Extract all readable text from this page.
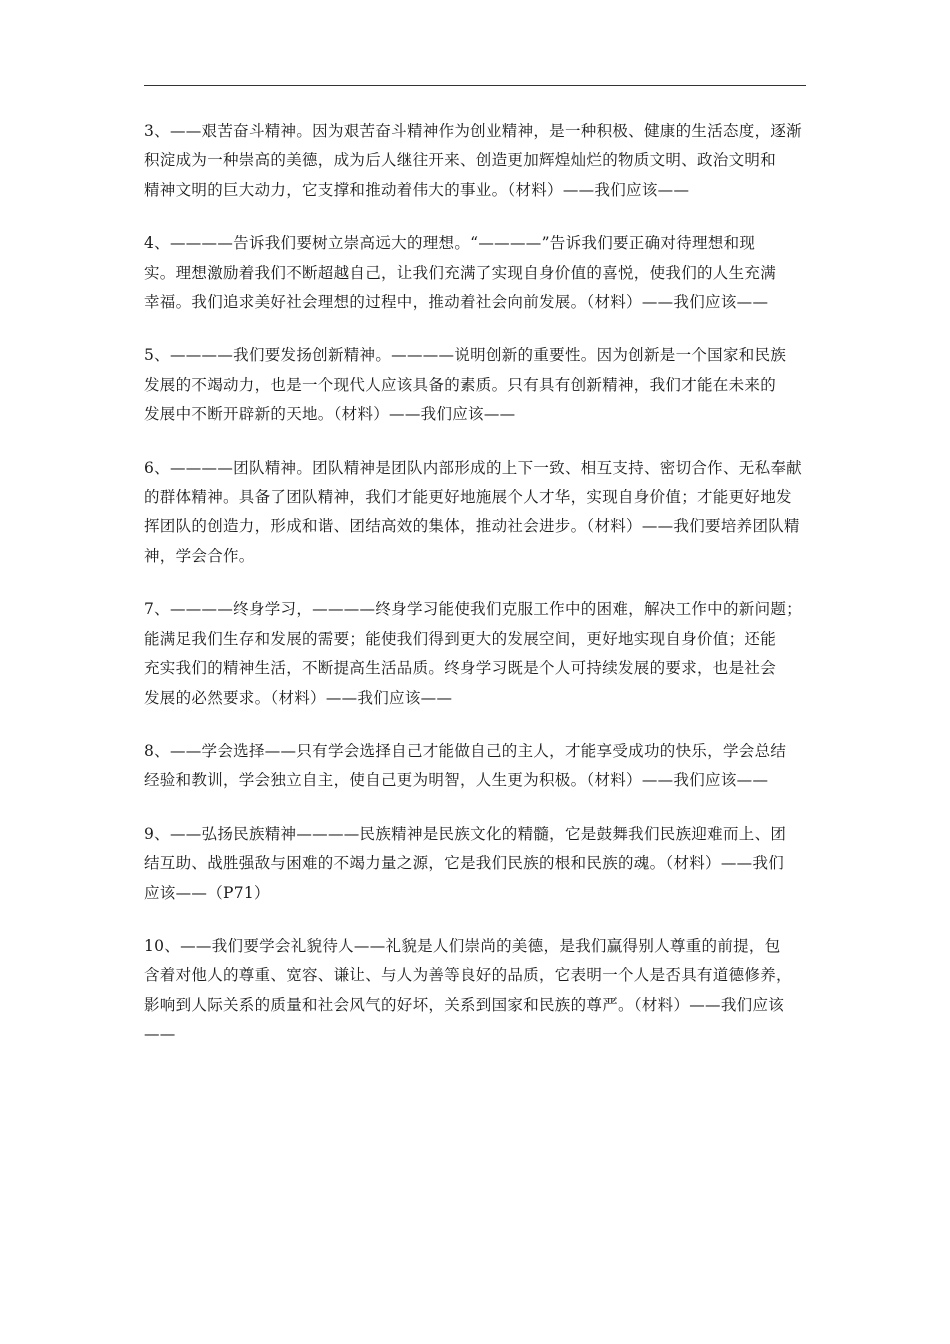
3、——艰苦奋斗精神。因为艰苦奋斗精神作为创业精神，是一种积极、健康的生活态度，逐渐
积淀成为一种崇高的美德，成为后人继往开来、创造更加辉煌灿烂的物质文明、政治文明和
精神文明的巨大动力，它支撑和推动着伟大的事业。（材料）——我们应该——
4、————告诉我们要树立崇高远大的理想。“————”告诉我们要正确对待理想和现
实。理想激励着我们不断超越自己，让我们充满了实现自身价值的喜悦，使我们的人生充满
幸福。我们追求美好社会理想的过程中，推动着社会向前发展。（材料）——我们应该——
5、————我们要发扬创新精神。————说明创新的重要性。因为创新是一个国家和民族
发展的不竭动力，也是一个现代人应该具备的素质。只有具有创新精神，我们才能在未来的
发展中不断开辟新的天地。（材料）——我们应该——
6、————团队精神。团队精神是团队内部形成的上下一致、相互支持、密切合作、无私奉献
的群体精神。具备了团队精神，我们才能更好地施展个人才华，实现自身价值；才能更好地发
挥团队的创造力，形成和谐、团结高效的集体，推动社会进步。（材料）——我们要培养团队精
神，学会合作。
7、————终身学习，————终身学习能使我们克服工作中的困难，解决工作中的新问题；
能满足我们生存和发展的需要；能使我们得到更大的发展空间，更好地实现自身价值；还能
充实我们的精神生活，不断提高生活品质。终身学习既是个人可持续发展的要求，也是社会
发展的必然要求。（材料）——我们应该——
8、——学会选择——只有学会选择自己才能做自己的主人，才能享受成功的快乐，学会总结
经验和教训，学会独立自主，使自己更为明智，人生更为积极。（材料）——我们应该——
9、——弘扬民族精神————民族精神是民族文化的精髓，它是鼓舞我们民族迎难而上、团
结互助、战胜强敌与困难的不竭力量之源，它是我们民族的根和民族的魂。（材料）——我们
应该——（P71）
10、——我们要学会礼貌待人——礼貌是人们崇尚的美德，是我们赢得别人尊重的前提，包
含着对他人的尊重、宽容、谦让、与人为善等良好的品质，它表明一个人是否具有道德修养，
影响到人际关系的质量和社会风气的好坏，关系到国家和民族的尊严。（材料）——我们应该
——
